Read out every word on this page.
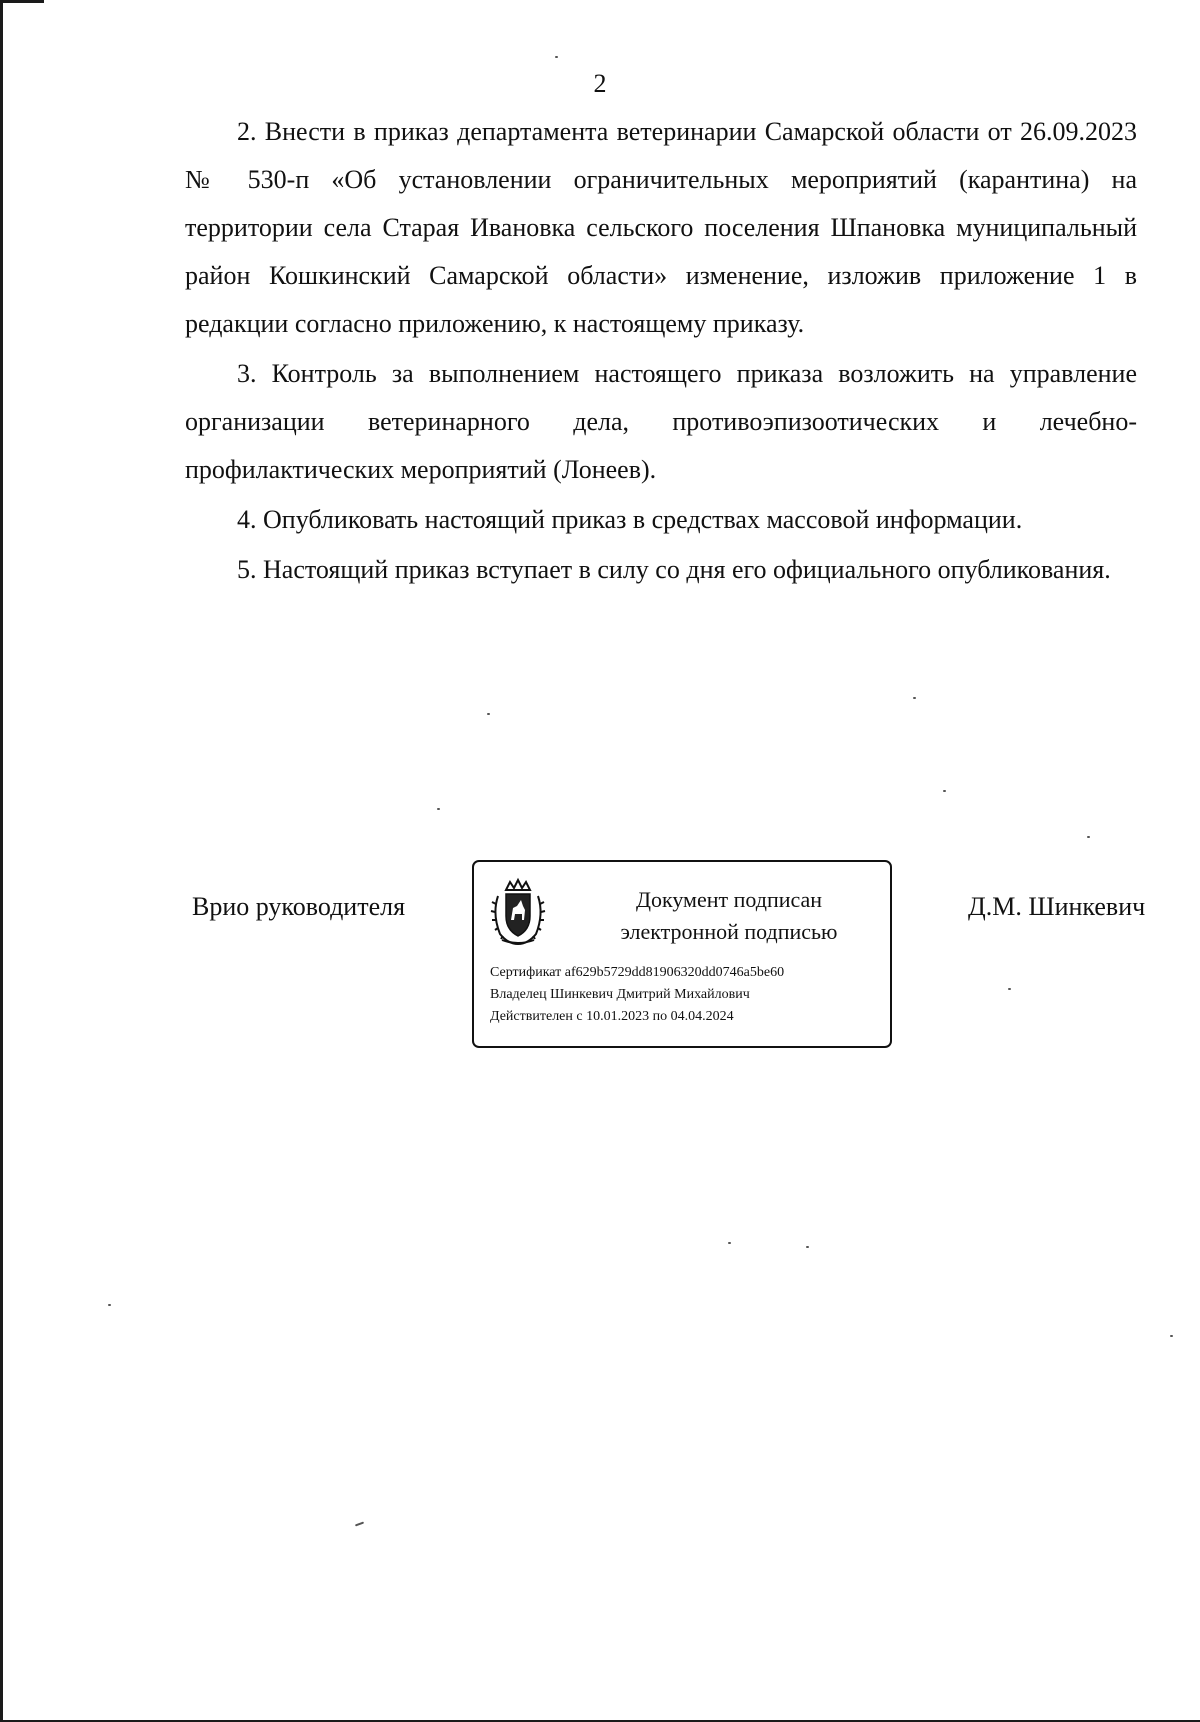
2

2. Внести в приказ департамента ветеринарии Самарской области от 26.09.2023 № 530-п «Об установлении ограничительных мероприятий (карантина) на территории села Старая Ивановка сельского поселения Шпановка муниципальный район Кошкинский Самарской области» изменение, изложив приложение 1 в редакции согласно приложению, к настоящему приказу.

3. Контроль за выполнением настоящего приказа возложить на управление организации ветеринарного дела, противоэпизоотических и лечебно-профилактических мероприятий (Лонеев).

4. Опубликовать настоящий приказ в средствах массовой информации.

5. Настоящий приказ вступает в силу со дня его официального опубликования.

Врио руководителя	Документ подписан
электронной подписью
Сертификат af629b5729dd81906320dd0746a5be60
Владелец Шинкевич Дмитрий Михайлович
Действителен с 10.01.2023 по 04.04.2024
Д.М. Шинкевич
